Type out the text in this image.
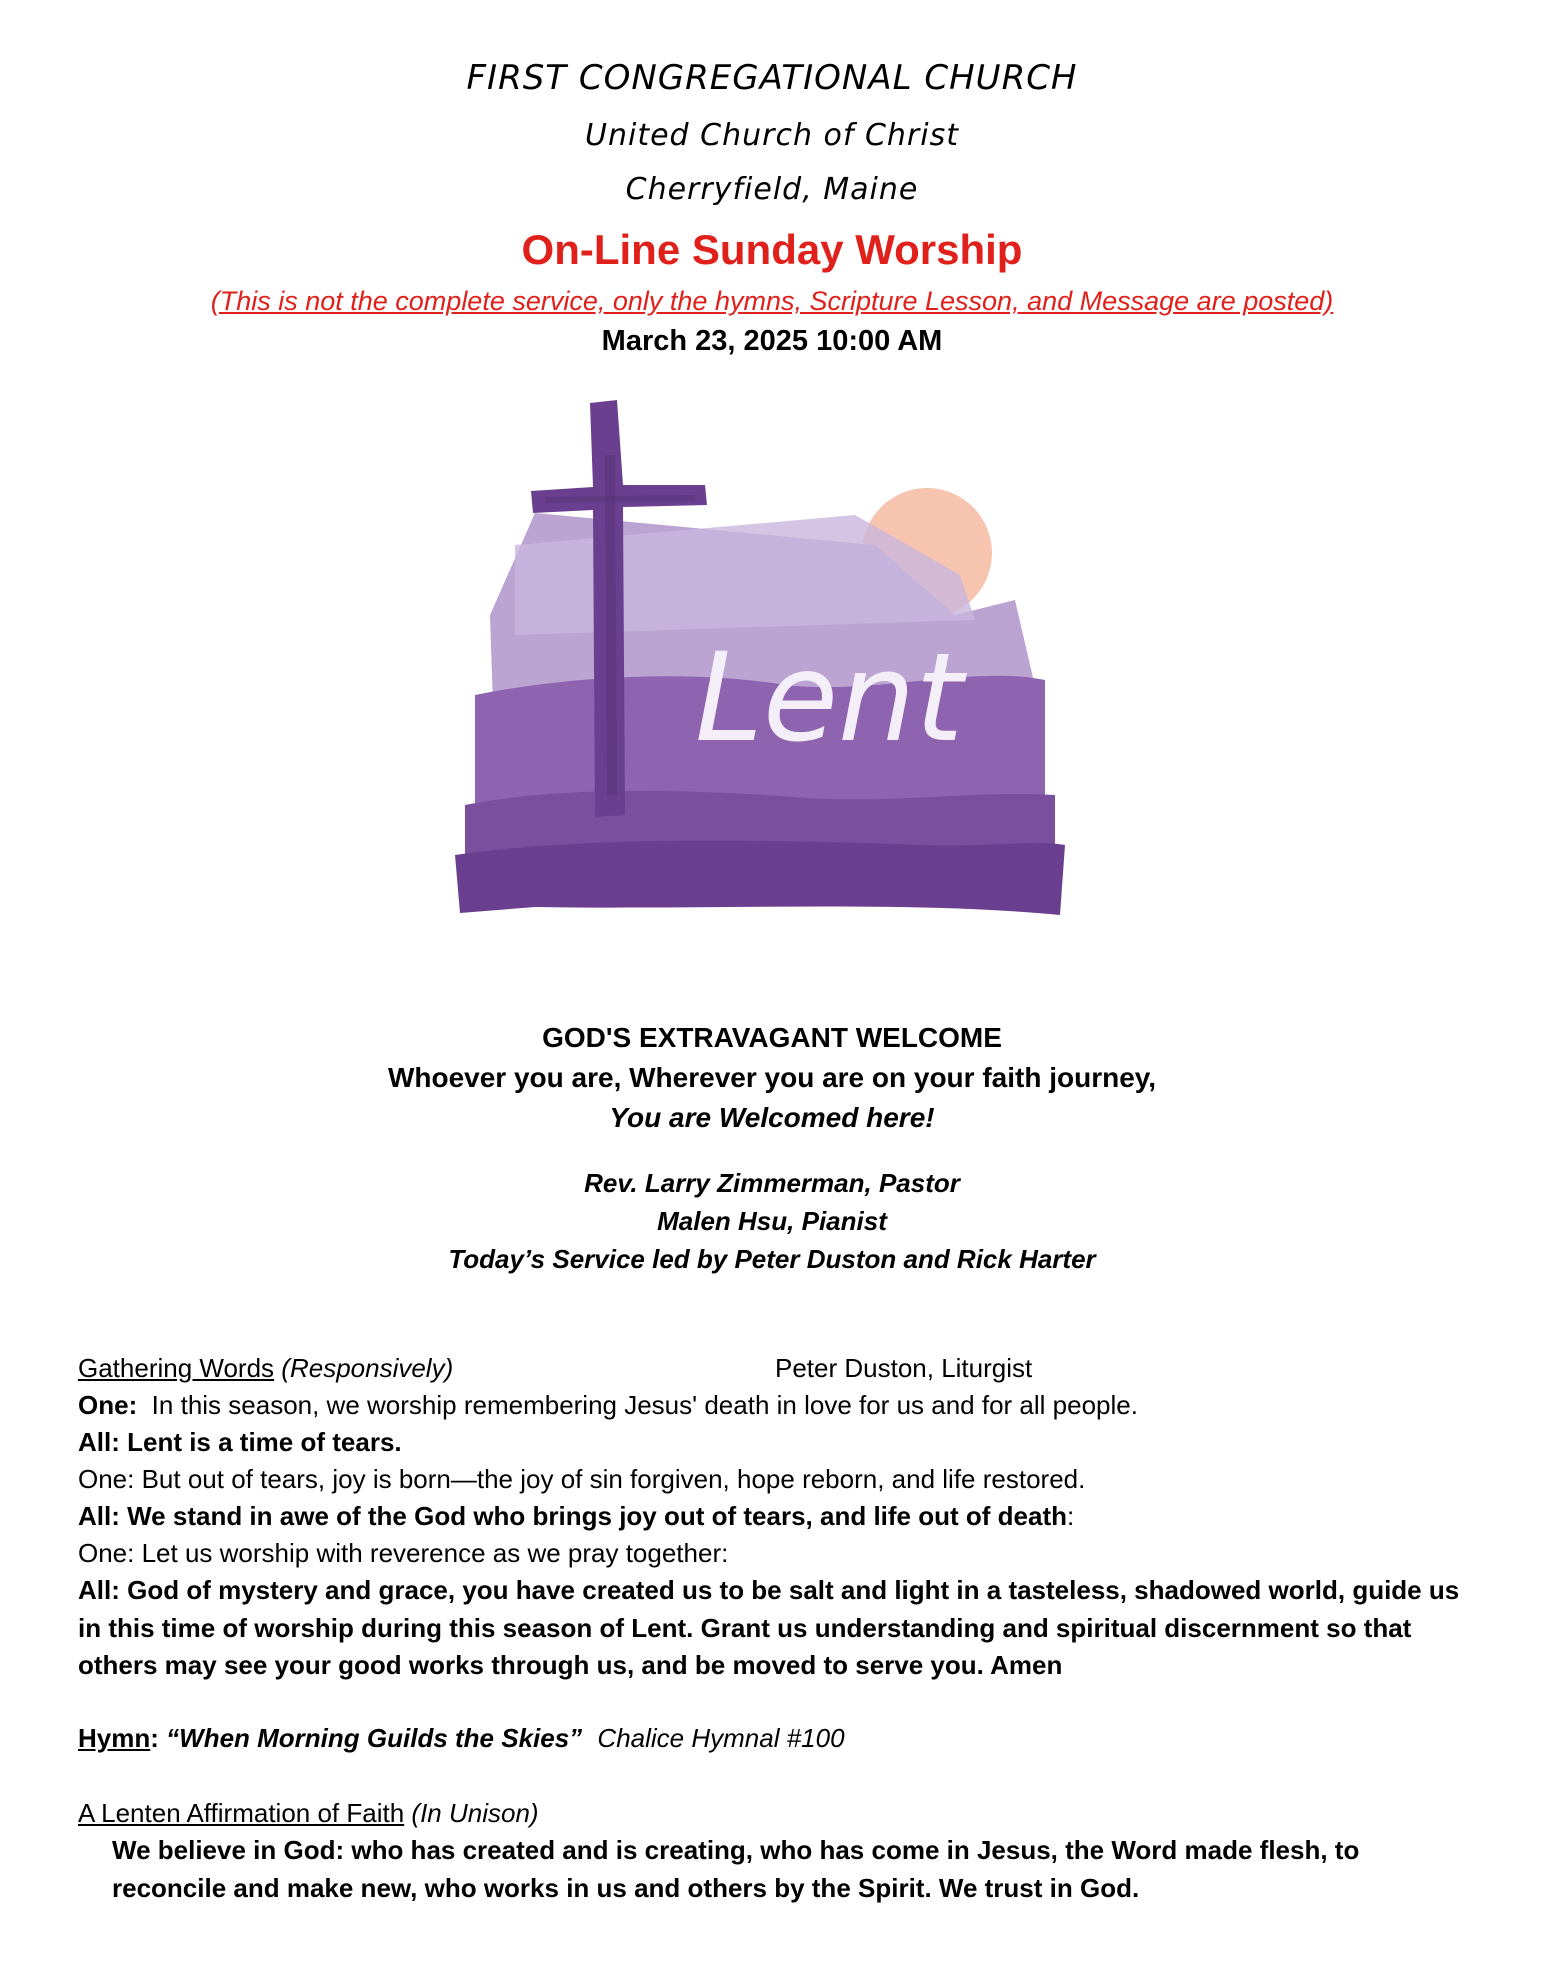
FIRST CONGREGATIONAL CHURCH
United Church of Christ
Cherryfield, Maine
On-Line Sunday Worship
(This is not the complete service, only the hymns, Scripture Lesson, and Message are posted)
March 23, 2025 10:00 AM
Lent
GOD'S EXTRAVAGANT WELCOME
Whoever you are, Wherever you are on your faith journey,
You are Welcomed here!
Rev. Larry Zimmerman, Pastor
Malen Hsu, Pianist
Today’s Service led by Peter Duston and Rick Harter
Gathering Words (Responsively)	Peter Duston, Liturgist
One:  In this season, we worship remembering Jesus' death in love for us and for all people.
All: Lent is a time of tears.
One: But out of tears, joy is born—the joy of sin forgiven, hope reborn, and life restored.
All: We stand in awe of the God who brings joy out of tears, and life out of death:
One: Let us worship with reverence as we pray together:
All: God of mystery and grace, you have created us to be salt and light in a tasteless, shadowed world, guide us in this time of worship during this season of Lent. Grant us understanding and spiritual discernment so that others may see your good works through us, and be moved to serve you. Amen
Hymn: “When Morning Guilds the Skies” Chalice Hymnal #100
A Lenten Affirmation of Faith (In Unison)
We believe in God: who has created and is creating, who has come in Jesus, the Word made flesh, to reconcile and make new, who works in us and others by the Spirit. We trust in God.
